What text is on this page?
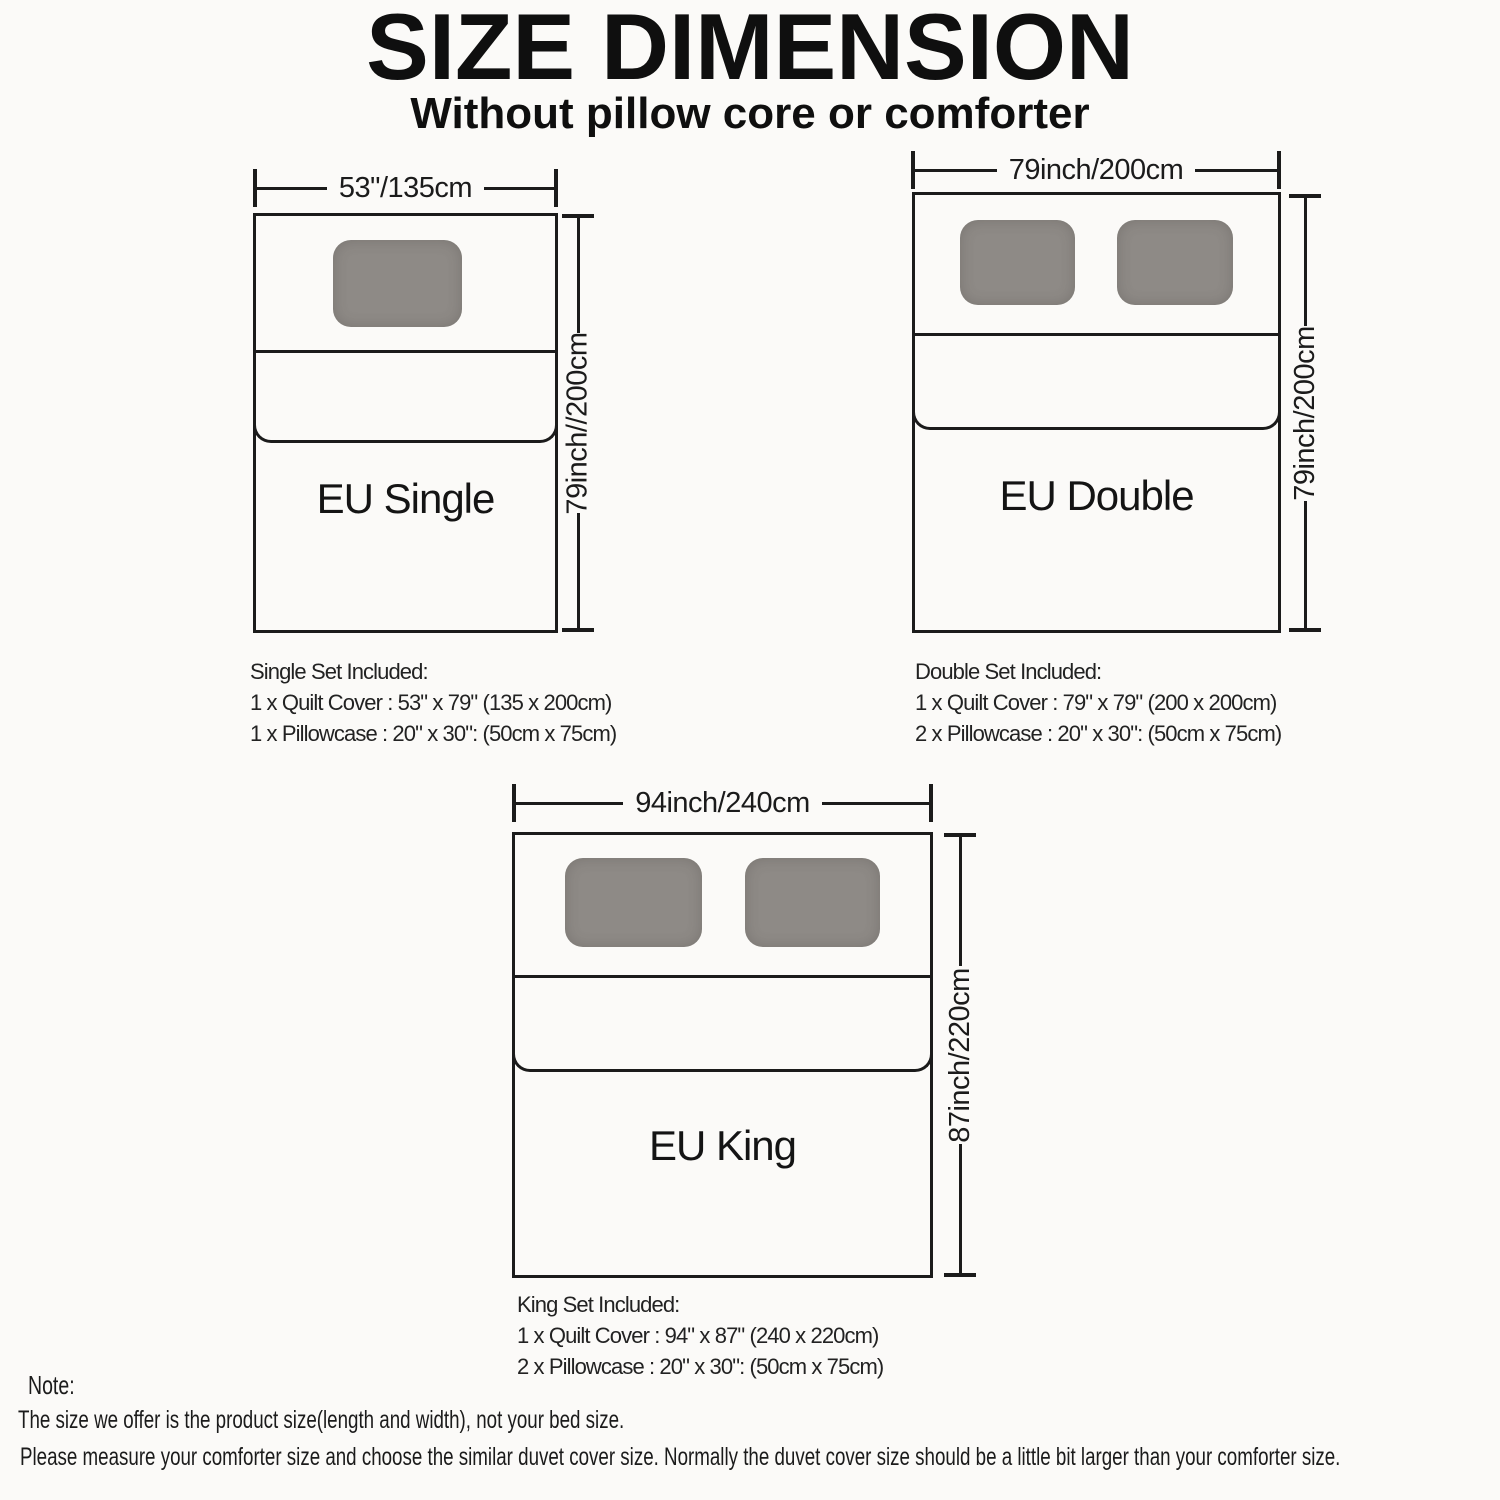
SIZE DIMENSION
Without pillow core or comforter
53"/135cm
EU Single	79inch//200cm
Single Set Included:
1 x Quilt Cover : 53" x 79" (135 x 200cm)
1 x Pillowcase : 20" x 30": (50cm x 75cm)
79inch/200cm
EU Double	79inch/200cm
Double Set Included:
1 x Quilt Cover : 79" x 79" (200 x 200cm)
2 x Pillowcase : 20" x 30": (50cm x 75cm)
94inch/240cm
EU King
87inch/220cm
King Set Included:
1 x Quilt Cover : 94" x 87" (240 x 220cm)
2 x Pillowcase : 20" x 30": (50cm x 75cm)
Note:
The size we offer is the product size(length and width), not your bed size.
Please measure your comforter size and choose the similar duvet cover size. Normally the duvet cover size should be a little bit larger than your comforter size.
